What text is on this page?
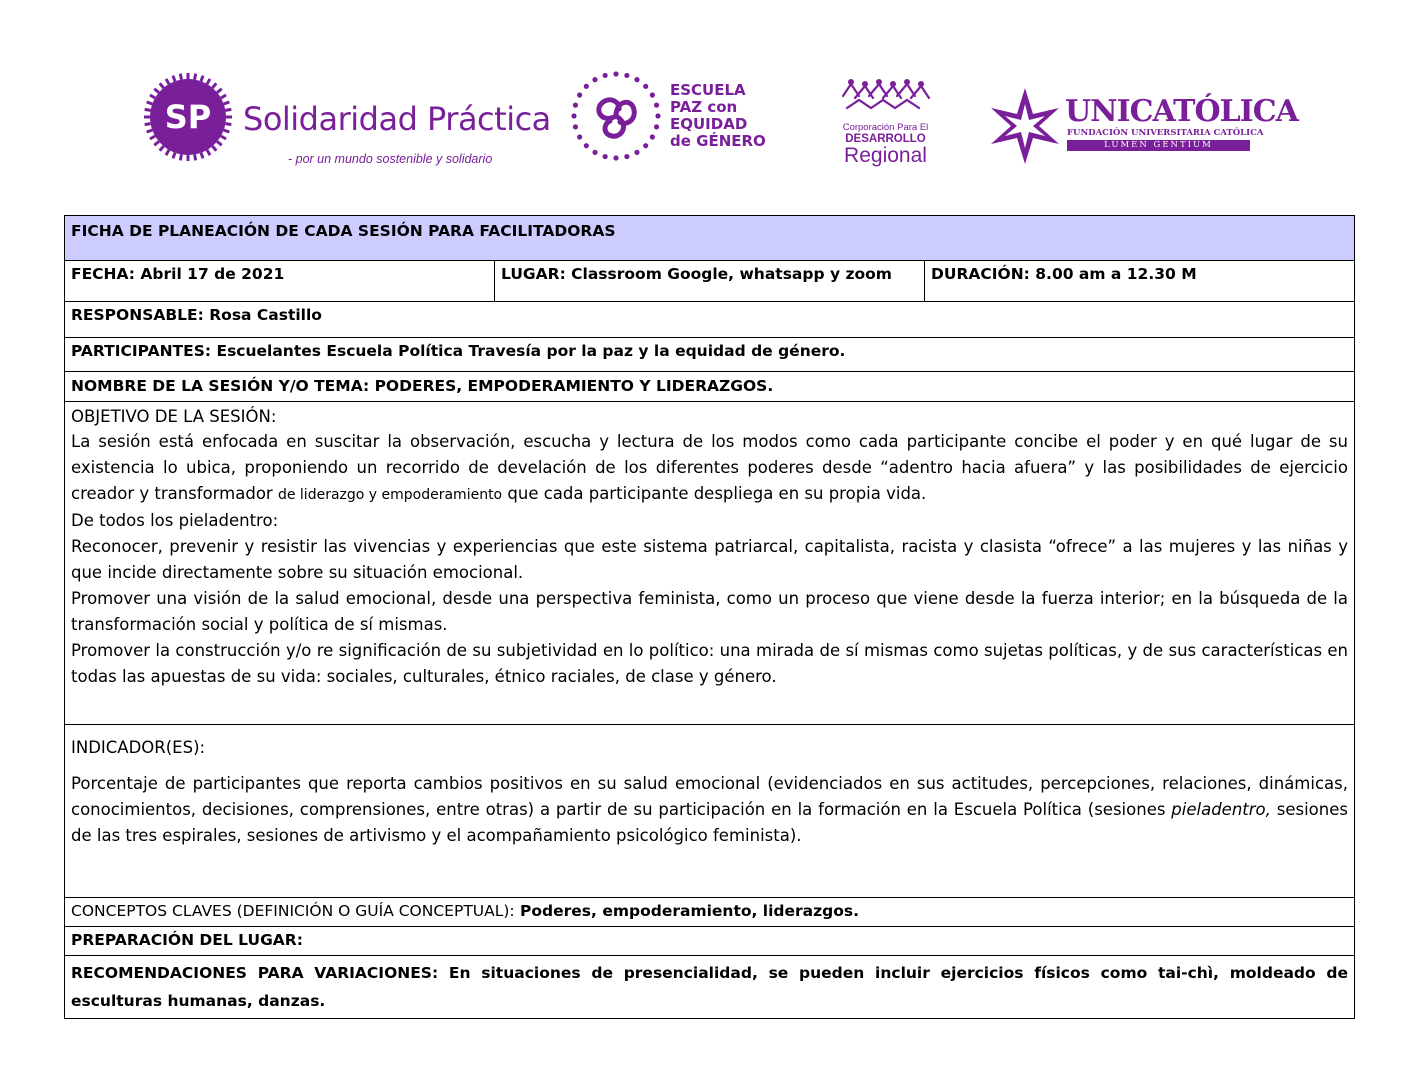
SP Solidaridad Práctica
- por un mundo sostenible y solidario
ESCUELA
PAZ con
EQUIDAD
de GÉNERO
Corporación Para El
DESARROLLO
Regional
UNICATÓLICA
FUNDACIÓN UNIVERSITARIA CATÓLICA
LUMEN GENTIUM
FICHA DE PLANEACIÓN DE CADA SESIÓN PARA FACILITADORAS
FECHA: Abril 17 de 2021	LUGAR: Classroom Google, whatsapp y zoom	DURACIÓN: 8.00 am a 12.30 M
RESPONSABLE: Rosa Castillo
PARTICIPANTES: Escuelantes Escuela Política Travesía por la paz y la equidad de género.
NOMBRE DE LA SESIÓN Y/O TEMA: PODERES, EMPODERAMIENTO Y LIDERAZGOS.

OBJETIVO DE LA SESIÓN:

La sesión está enfocada en suscitar la observación, escucha y lectura de los modos como cada participante concibe el poder y en qué lugar de su existencia lo ubica, proponiendo un recorrido de develación de los diferentes poderes desde “adentro hacia afuera” y las posibilidades de ejercicio creador y transformador de liderazgo y empoderamiento que cada participante despliega en su propia vida.

De todos los pieladentro:

Reconocer, prevenir y resistir las vivencias y experiencias que este sistema patriarcal, capitalista, racista y clasista “ofrece” a las mujeres y las niñas y que incide directamente sobre su situación emocional.

Promover una visión de la salud emocional, desde una perspectiva feminista, como un proceso que viene desde la fuerza interior; en la búsqueda de la transformación social y política de sí mismas.

Promover la construcción y/o re significación de su subjetividad en lo político: una mirada de sí mismas como sujetas políticas, y de sus características en todas las apuestas de su vida: sociales, culturales, étnico raciales, de clase y género.

INDICADOR(ES):

Porcentaje de participantes que reporta cambios positivos en su salud emocional (evidenciados en sus actitudes, percepciones, relaciones, dinámicas, conocimientos, decisiones, comprensiones, entre otras) a partir de su participación en la formación en la Escuela Política (sesiones pieladentro, sesiones de las tres espirales, sesiones de artivismo y el acompañamiento psicológico feminista).

CONCEPTOS CLAVES (DEFINICIÓN O GUÍA CONCEPTUAL): Poderes, empoderamiento, liderazgos.
PREPARACIÓN DEL LUGAR:

RECOMENDACIONES PARA VARIACIONES: En situaciones de presencialidad, se pueden incluir ejercicios físicos como tai-chì, moldeado de esculturas humanas, danzas.
